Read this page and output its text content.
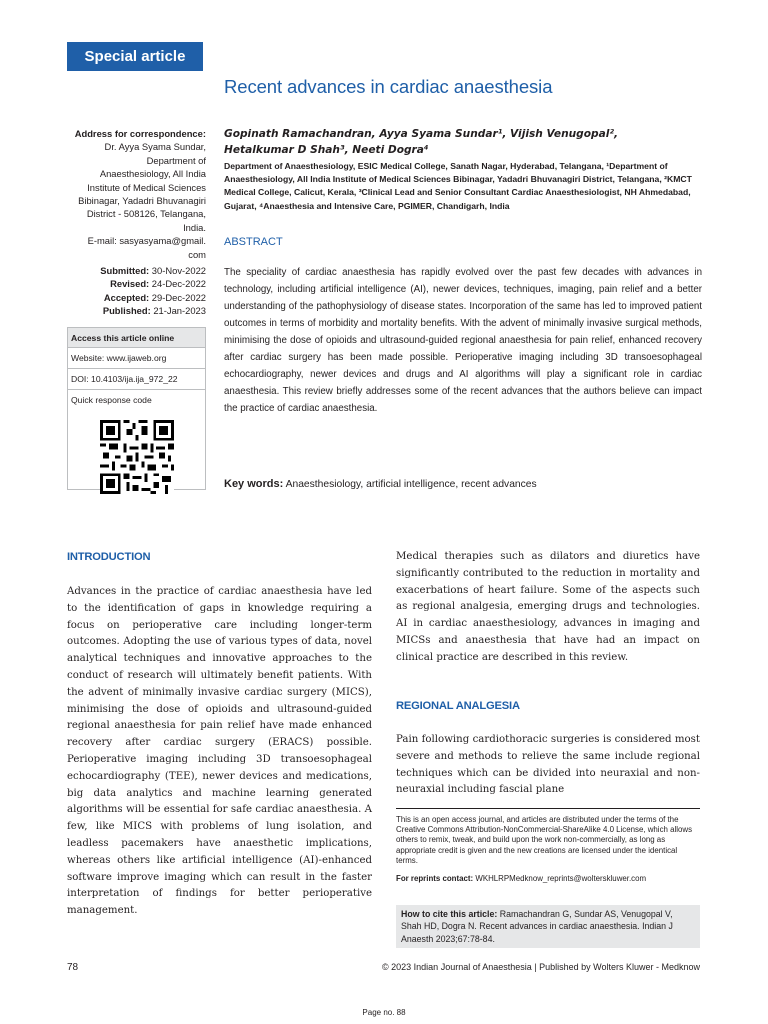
Special article
Recent advances in cardiac anaesthesia
Address for correspondence:
Dr. Ayya Syama Sundar,
Department of
Anaesthesiology, All India
Institute of Medical Sciences
Bibinagar, Yadadri Bhuvanagiri
District - 508126, Telangana,
India.
E-mail: sasyasyama@gmail.
com
Submitted: 30-Nov-2022
Revised: 24-Dec-2022
Accepted: 29-Dec-2022
Published: 21-Jan-2023
Access this article online
Website: www.ijaweb.org
DOI: 10.4103/ija.ija_972_22
Quick response code
Gopinath Ramachandran, Ayya Syama Sundar¹, Vijish Venugopal²,
Hetalkumar D Shah³, Neeti Dogra⁴
Department of Anaesthesiology, ESIC Medical College, Sanath Nagar, Hyderabad, Telangana, ¹Department of Anaesthesiology, All India Institute of Medical Sciences Bibinagar, Yadadri Bhuvanagiri District, Telangana, ²KMCT Medical College, Calicut, Kerala, ³Clinical Lead and Senior Consultant Cardiac Anaesthesiologist, NH Ahmedabad, Gujarat, ⁴Anaesthesia and Intensive Care, PGIMER, Chandigarh, India
ABSTRACT
The speciality of cardiac anaesthesia has rapidly evolved over the past few decades with advances in technology, including artificial intelligence (AI), newer devices, techniques, imaging, pain relief and a better understanding of the pathophysiology of disease states. Incorporation of the same has led to improved patient outcomes in terms of morbidity and mortality benefits. With the advent of minimally invasive surgical methods, minimising the dose of opioids and ultrasound-guided regional anaesthesia for pain relief, enhanced recovery after cardiac surgery has been made possible. Perioperative imaging including 3D transoesophageal echocardiography, newer devices and drugs and AI algorithms will play a significant role in cardiac anaesthesia. This review briefly addresses some of the recent advances that the authors believe can impact the practice of cardiac anaesthesia.
Key words: Anaesthesiology, artificial intelligence, recent advances
INTRODUCTION
Advances in the practice of cardiac anaesthesia have led to the identification of gaps in knowledge requiring a focus on perioperative care including longer-term outcomes. Adopting the use of various types of data, novel analytical techniques and innovative approaches to the conduct of research will ultimately benefit patients. With the advent of minimally invasive cardiac surgery (MICS), minimising the dose of opioids and ultrasound-guided regional anaesthesia for pain relief have made enhanced recovery after cardiac surgery (ERACS) possible. Perioperative imaging including 3D transoesophageal echocardiography (TEE), newer devices and medications, big data analytics and machine learning generated algorithms will be essential for safe cardiac anaesthesia. A few, like MICS with problems of lung isolation, and leadless pacemakers have anaesthetic implications, whereas others like artificial intelligence (AI)-enhanced software improve imaging which can result in the faster interpretation of findings for better perioperative management.
Medical therapies such as dilators and diuretics have significantly contributed to the reduction in mortality and exacerbations of heart failure. Some of the aspects such as regional analgesia, emerging drugs and technologies. AI in cardiac anaesthesiology, advances in imaging and MICSs and anaesthesia that have had an impact on clinical practice are described in this review.
REGIONAL ANALGESIA
Pain following cardiothoracic surgeries is considered most severe and methods to relieve the same include regional techniques which can be divided into neuraxial and non-neuraxial including fascial plane
This is an open access journal, and articles are distributed under the terms of the Creative Commons Attribution-NonCommercial-ShareAlike 4.0 License, which allows others to remix, tweak, and build upon the work non-commercially, as long as appropriate credit is given and the new creations are licensed under the identical terms.
For reprints contact: WKHLRPMedknow_reprints@wolterskluwer.com
How to cite this article: Ramachandran G, Sundar AS, Venugopal V, Shah HD, Dogra N. Recent advances in cardiac anaesthesia. Indian J Anaesth 2023;67:78-84.
78	© 2023 Indian Journal of Anaesthesia | Published by Wolters Kluwer - Medknow
Page no. 88
